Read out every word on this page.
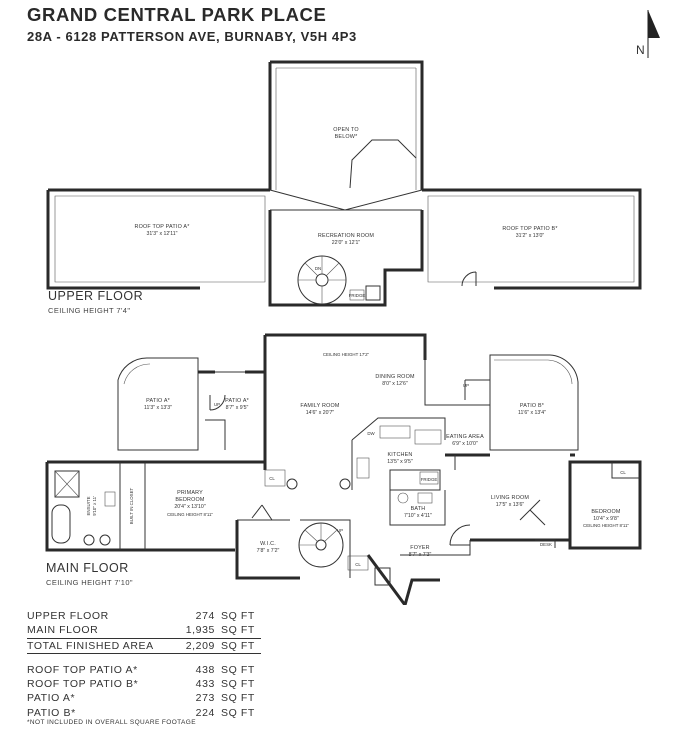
GRAND CENTRAL PARK PLACE
28A - 6128 PATTERSON AVE, BURNABY, V5H 4P3
UPPER FLOOR
CEILING HEIGHT 7'4"
MAIN FLOOR
CEILING HEIGHT 7'10"
N
OPEN TO
BELOW*
ROOF TOP PATIO A*
31'3" x 12'11"	RECREATION ROOM
22'0" x 12'1"
ROOF TOP PATIO B*
31'2" x 13'0"
DN
FRIDGE
CEILING HEIGHT 17'2"
PATIO A*
11'3" x 13'3"
PATIO A*
8'7" x 9'5"
UP	FAMILY ROOM
14'6" x 20'7"
DINING ROOM
8'0" x 12'6"	UP
PATIO B*
11'6" x 13'4"
DW
EATING AREA
6'9" x 10'0"
KITCHEN
13'5" x 9'5"
PRIMARY
BEDROOM
20'4" x 13'10"
CEILING HEIGHT 8'11"
ENSUITE 9'10" x 11'	BUILT IN CLOSET
CL
CL
CL
W.I.C.
7'8" x 7'2"
FRIDGE
BATH
7'10" x 4'11"
LIVING ROOM
17'5" x 13'6"
DESK
BEDROOM
10'4" x 9'8"
CEILING HEIGHT 8'11"
FOYER
8'7" x 7'3"
UP
UPPER FLOOR	274	SQ FT
MAIN FLOOR	1,935	SQ FT
TOTAL FINISHED AREA	2,209	SQ FT

ROOF TOP PATIO A*	438	SQ FT
ROOF TOP PATIO B*	433	SQ FT
PATIO A*	273	SQ FT
PATIO B*	224	SQ FT
*NOT INCLUDED IN OVERALL SQUARE FOOTAGE
